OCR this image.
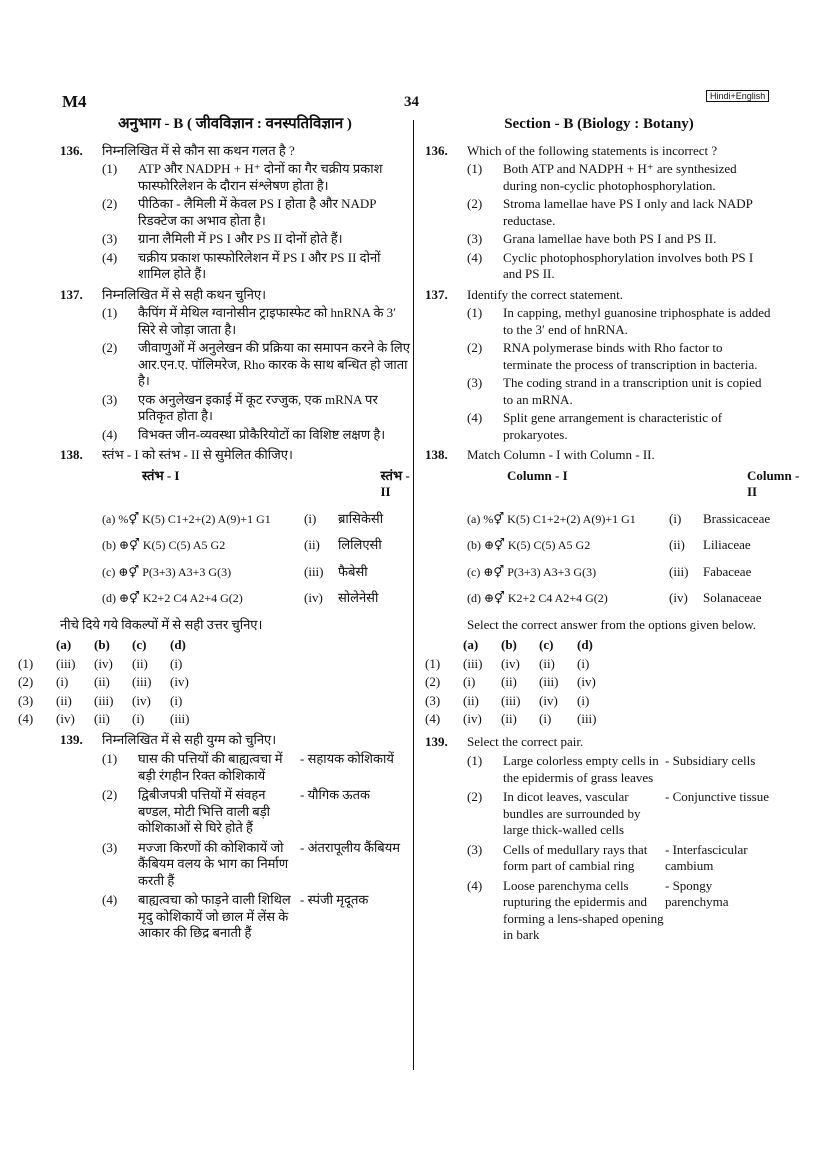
M4	34	Hindi+English
अनुभाग - B ( जीवविज्ञान : वनस्पतिविज्ञान )
136.	निम्नलिखित में से कौन सा कथन गलत है ?
(1)	ATP और NADPH + H⁺ दोनों का गैर चक्रीय प्रकाश फास्फोरिलेशन के दौरान संश्लेषण होता है।
(2)	पीठिका - लैमिली में केवल PS I होता है और NADP रिडक्टेज का अभाव होता है।
(3)	ग्राना लैमिली में PS I और PS II दोनों होते हैं।
(4)	चक्रीय प्रकाश फास्फोरिलेशन में PS I और PS II दोनों शामिल होते हैं।
137.	निम्नलिखित में से सही कथन चुनिए।
(1)	कैपिंग में मेथिल ग्वानोसीन ट्राइफास्फेट को hnRNA के 3′ सिरे से जोड़ा जाता है।
(2)	जीवाणुओं में अनुलेखन की प्रक्रिया का समापन करने के लिए आर.एन.ए. पॉलिमरेज, Rho कारक के साथ बन्धित हो जाता है।
(3)	एक अनुलेखन इकाई में कूट रज्जुक, एक mRNA पर प्रतिकृत होता है।
(4)	विभक्त जीन-व्यवस्था प्रोकैरियोटों का विशिष्ट लक्षण है।
138.	स्तंभ - I को स्तंभ - II से सुमेलित कीजिए।
स्तंभ - I	स्तंभ - II
(a) %⚥ K(5) C1+2+(2) A(9)+1 G1	(i)	ब्रासिकेसी
(b) ⊕⚥ K(5) C(5) A5 G2	(ii)	लिलिएसी
(c) ⊕⚥ P(3+3) A3+3 G(3)	(iii)	फैबेसी
(d) ⊕⚥ K2+2 C4 A2+4 G(2)	(iv)	सोलेनेसी
नीचे दिये गये विकल्पों में से सही उत्तर चुनिए।
(a)	(b)	(c)	(d)
(1)	(iii)	(iv)	(ii)	(i)
(2)	(i)	(ii)	(iii)	(iv)
(3)	(ii)	(iii)	(iv)	(i)
(4)	(iv)	(ii)	(i)	(iii)
139.	निम्नलिखित में से सही युग्म को चुनिए।
(1)	घास की पत्तियों की बाह्यत्वचा में बड़ी रंगहीन रिक्त कोशिकायें
- सहायक कोशिकायें
(2)	द्विबीजपत्री पत्तियों में संवहन बण्डल, मोटी भित्ति वाली बड़ी कोशिकाओं से घिरे होते हैं
- यौगिक ऊतक
(3)	मज्जा किरणों की कोशिकायें जो कैंबियम वलय के भाग का निर्माण करती हैं
- अंतरापूलीय कैंबियम
(4)	बाह्यत्वचा को फाड़ने वाली शिथिल मृदु कोशिकायें जो छाल में लेंस के आकार की छिद्र बनाती हैं
- स्पंजी मृदूतक
Section - B (Biology : Botany)
136.	Which of the following statements is incorrect ?
(1)	Both ATP and NADPH + H⁺ are synthesized during non-cyclic photophosphorylation.
(2)	Stroma lamellae have PS I only and lack NADP reductase.
(3)	Grana lamellae have both PS I and PS II.
(4)	Cyclic photophosphorylation involves both PS I and PS II.
137.	Identify the correct statement.
(1)	In capping, methyl guanosine triphosphate is added to the 3′ end of hnRNA.
(2)	RNA polymerase binds with Rho factor to terminate the process of transcription in bacteria.
(3)	The coding strand in a transcription unit is copied to an mRNA.
(4)	Split gene arrangement is characteristic of prokaryotes.
138.	Match Column - I with Column - II.
Column - I	Column - II
(a) %⚥ K(5) C1+2+(2) A(9)+1 G1	(i)	Brassicaceae
(b) ⊕⚥ K(5) C(5) A5 G2	(ii)	Liliaceae
(c) ⊕⚥ P(3+3) A3+3 G(3)	(iii)	Fabaceae
(d) ⊕⚥ K2+2 C4 A2+4 G(2)	(iv)	Solanaceae
Select the correct answer from the options given below.
(a)	(b)	(c)	(d)
(1)	(iii)	(iv)	(ii)	(i)
(2)	(i)	(ii)	(iii)	(iv)
(3)	(ii)	(iii)	(iv)	(i)
(4)	(iv)	(ii)	(i)	(iii)
139.	Select the correct pair.
(1)	Large colorless empty cells in the epidermis of grass leaves
- Subsidiary cells
(2)	In dicot leaves, vascular bundles are surrounded by large thick-walled cells
- Conjunctive tissue
(3)	Cells of medullary rays that form part of cambial ring
- Interfascicular cambium
(4)	Loose parenchyma cells rupturing the epidermis and forming a lens-shaped opening in bark
- Spongy parenchyma
